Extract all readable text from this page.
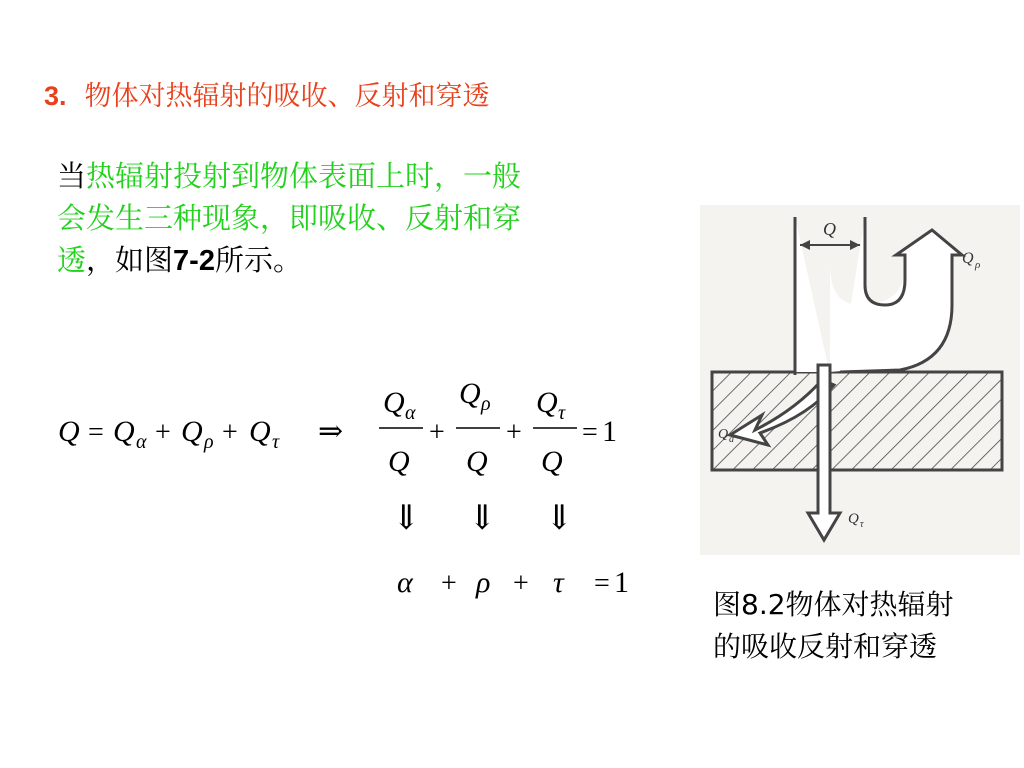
3. 物体对热辐射的吸收、反射和穿透
当热辐射投射到物体表面上时，一般
会发生三种现象，即吸收、反射和穿
透，如图7-2所示。
Q = Q α + Q ρ + Q τ ⇒
Q α
Q
+
Q ρ
Q
+
Q τ
Q
= 1
⇓ ⇓ ⇓
α + ρ + τ = 1
Q
Q ρ
Q a
Q τ
图8.2物体对热辐射
的吸收反射和穿透
